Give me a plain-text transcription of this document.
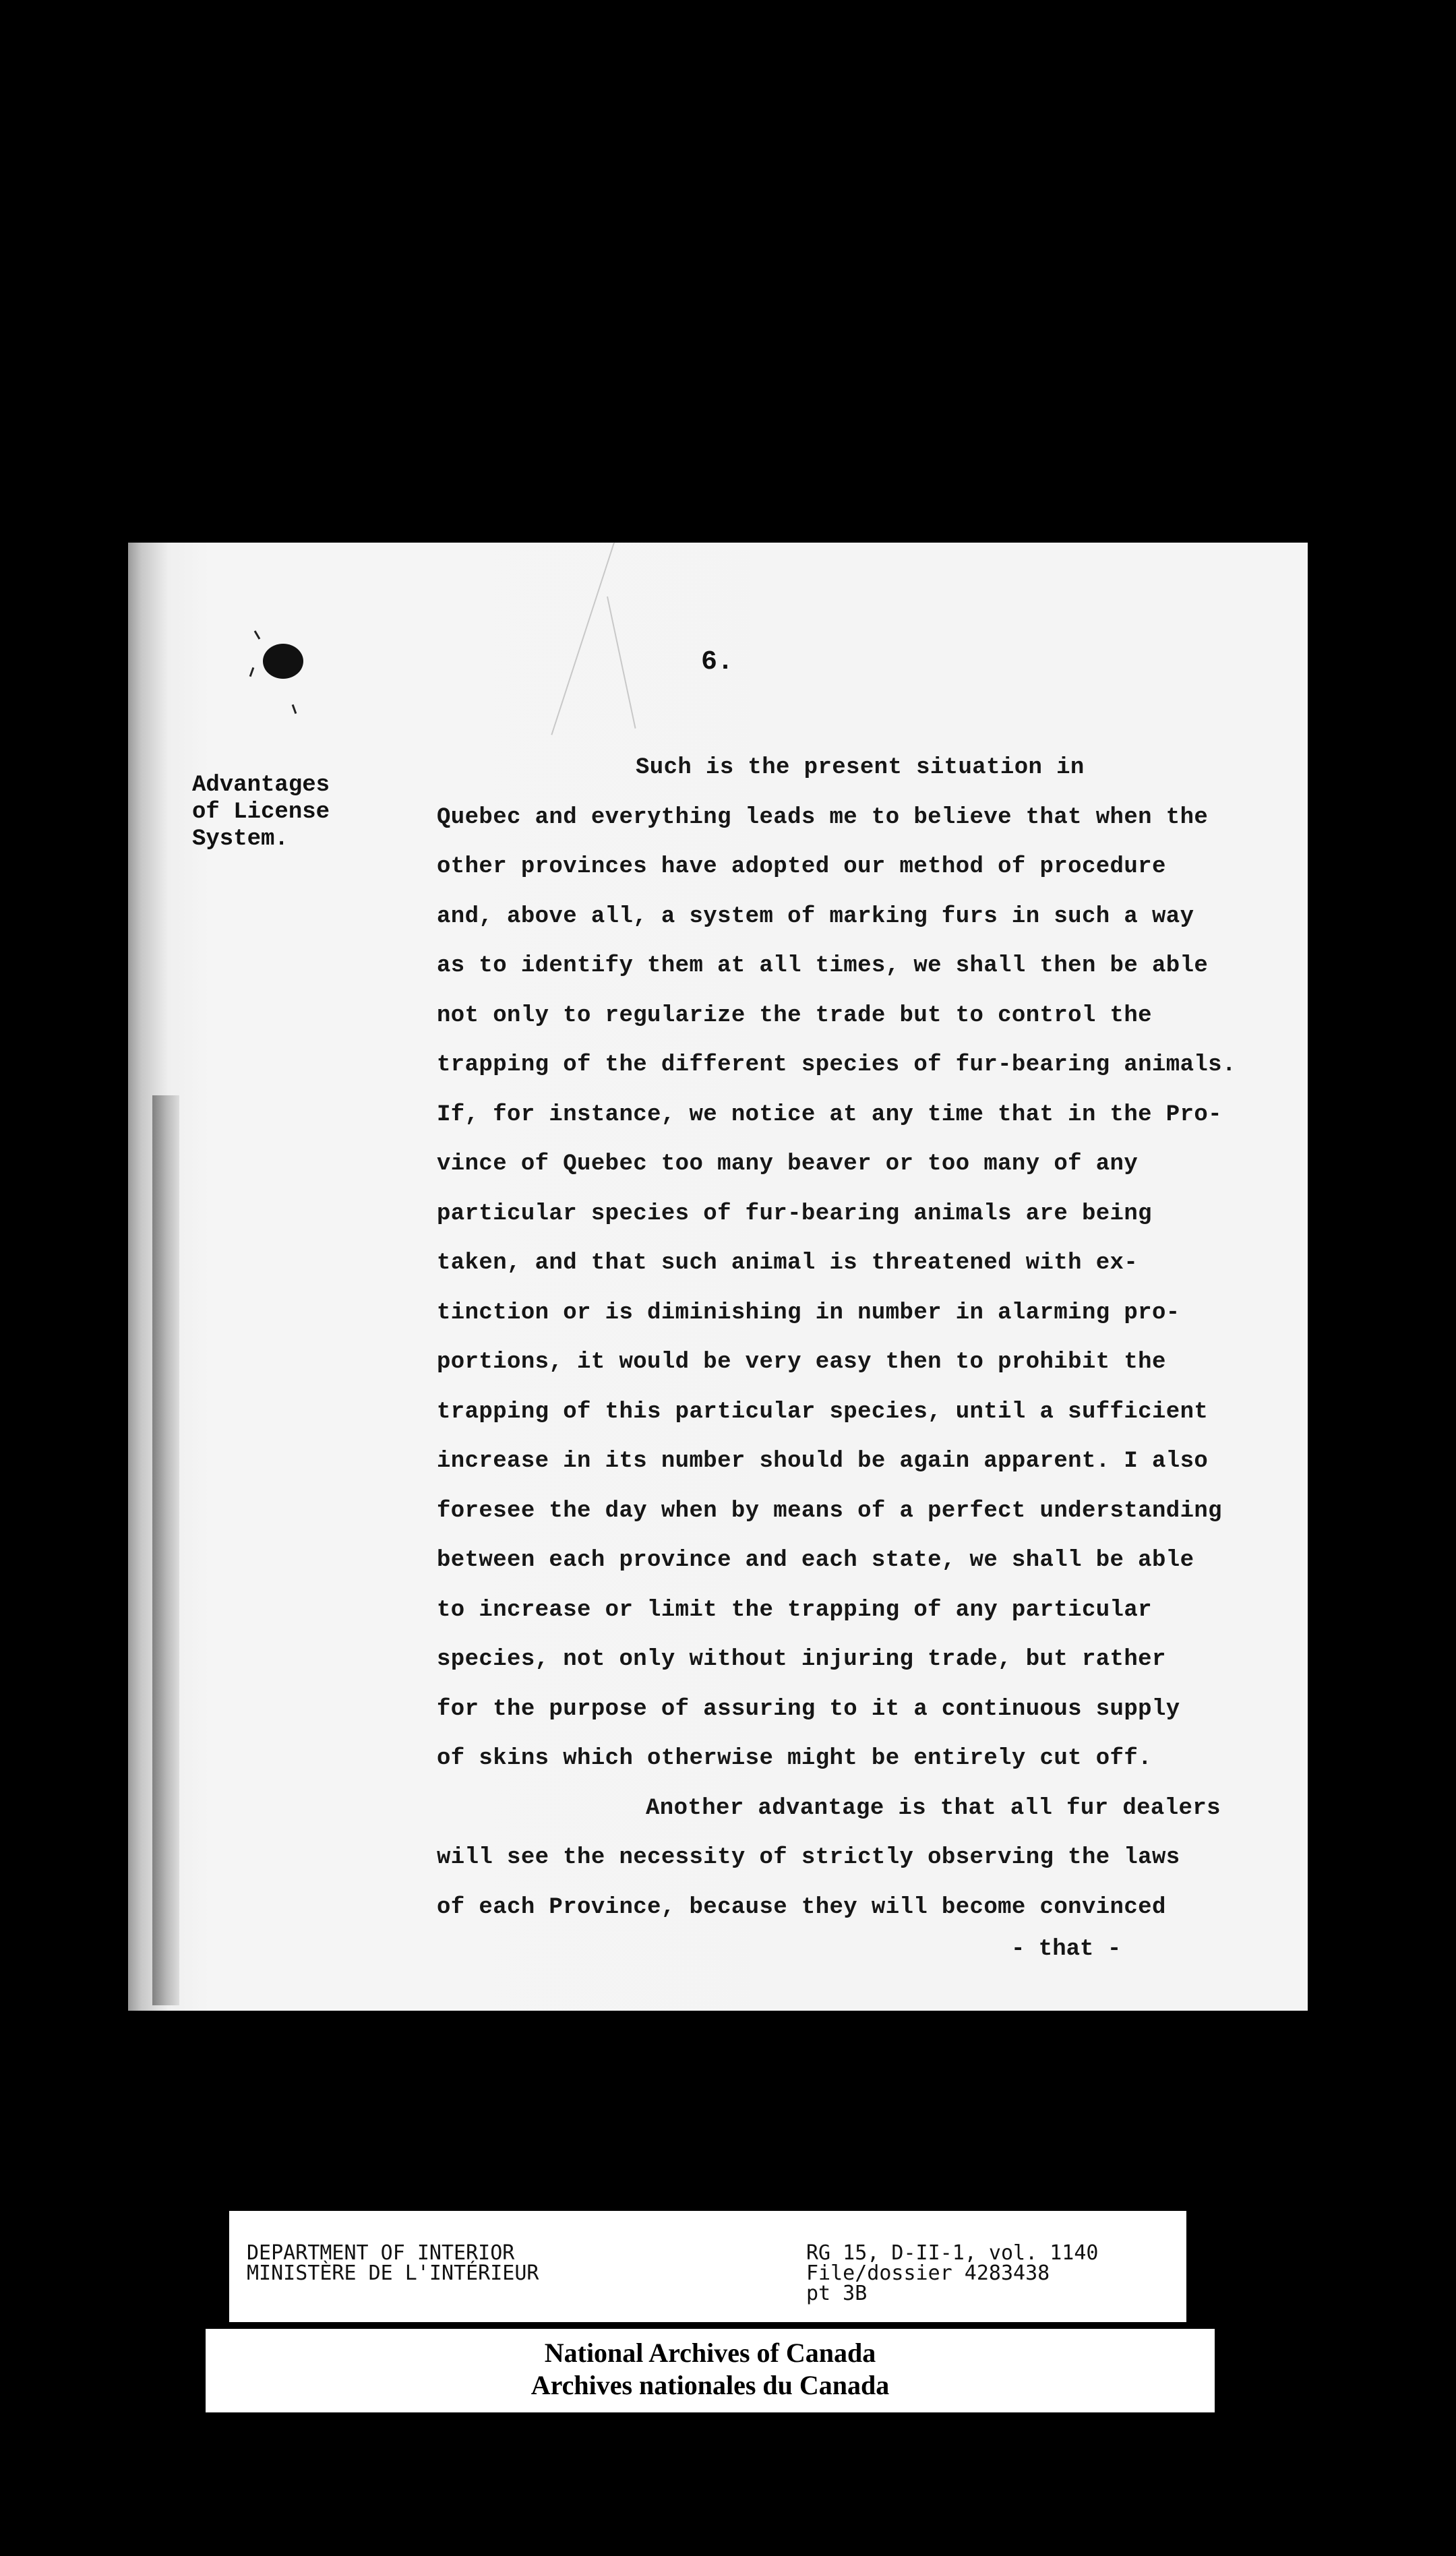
6.
Advantages
of License
System.
Such is the present situation in
Quebec and everything leads me to believe that when the
other provinces have adopted our method of procedure
and, above all, a system of marking furs in such a way
as to identify them at all times, we shall then be able
not only to regularize the trade but to control the
trapping of the different species of fur-bearing animals.
If, for instance, we notice at any time that in the Pro-
vince of Quebec too many beaver or too many of any
particular species of fur-bearing animals are being
taken, and that such animal is threatened with ex-
tinction or is diminishing in number in alarming pro-
portions, it would be very easy then to prohibit the
trapping of this particular species, until a sufficient
increase in its number should be again apparent. I also
foresee the day when by means of a perfect understanding
between each province and each state, we shall be able
to increase or limit the trapping of any particular
species, not only without injuring trade, but rather
for the purpose of assuring to it a continuous supply
of skins which otherwise might be entirely cut off.
Another advantage is that all fur dealers
will see the necessity of strictly observing the laws
of each Province, because they will become convinced
- that -
DEPARTMENT OF INTERIOR
MINISTÈRE DE L'INTÉRIEUR
RG 15, D-II-1, vol. 1140
File/dossier 4283438
pt 3B
National Archives of Canada
Archives nationales du Canada
